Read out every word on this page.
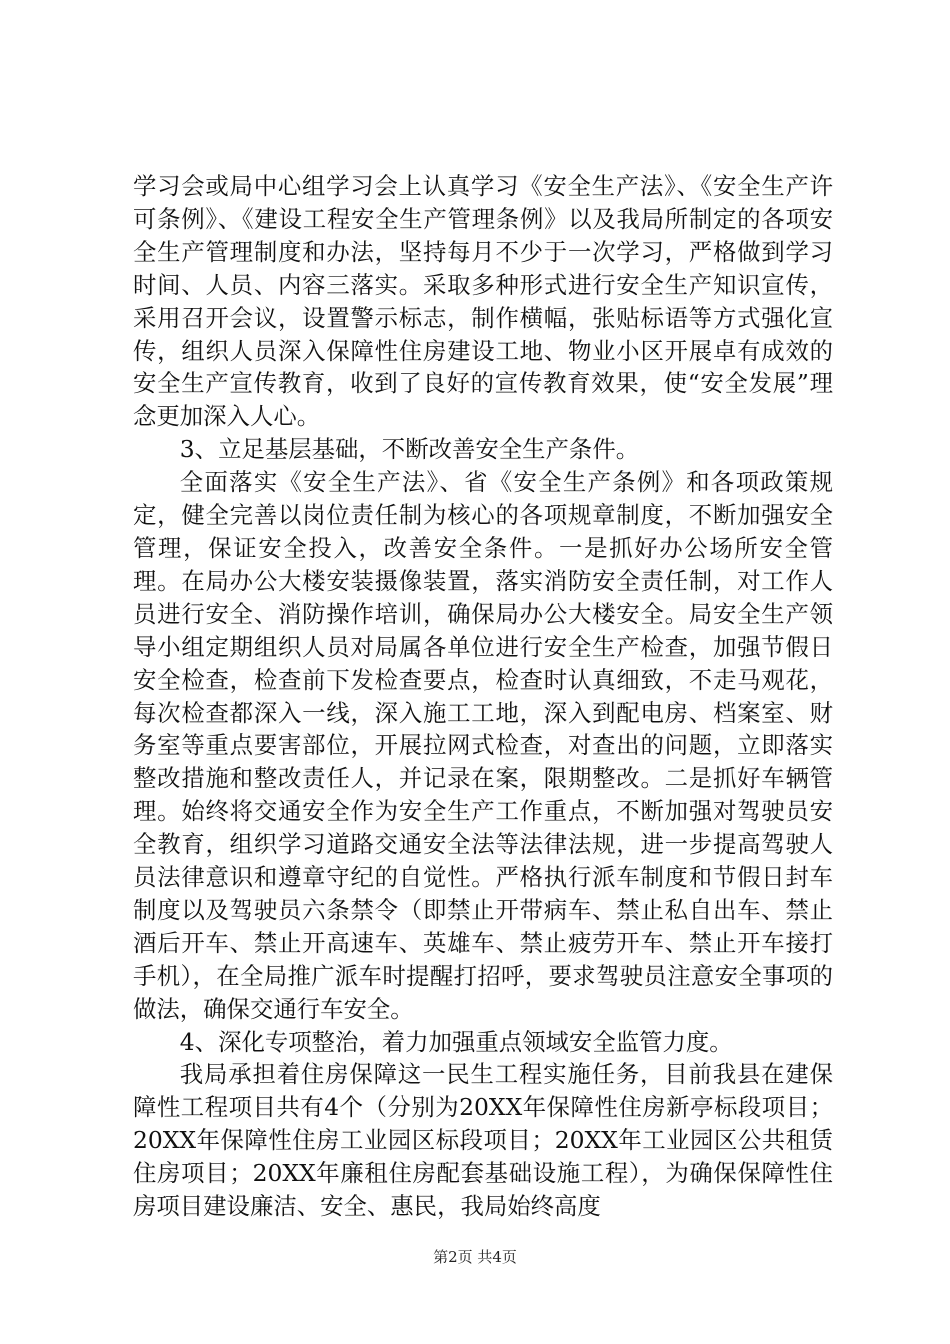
学习会或局中心组学习会上认真学习《安全生产法》、《安全生产许可条例》、《建设工程安全生产管理条例》以及我局所制定的各项安全生产管理制度和办法，坚持每月不少于一次学习，严格做到学习时间、人员、内容三落实。采取多种形式进行安全生产知识宣传，采用召开会议，设置警示标志，制作横幅，张贴标语等方式强化宣传，组织人员深入保障性住房建设工地、物业小区开展卓有成效的安全生产宣传教育，收到了良好的宣传教育效果，使“安全发展”理念更加深入人心。

3、立足基层基础，不断改善安全生产条件。

全面落实《安全生产法》、省《安全生产条例》和各项政策规定，健全完善以岗位责任制为核心的各项规章制度，不断加强安全管理，保证安全投入，改善安全条件。一是抓好办公场所安全管理。在局办公大楼安装摄像装置，落实消防安全责任制，对工作人员进行安全、消防操作培训，确保局办公大楼安全。局安全生产领导小组定期组织人员对局属各单位进行安全生产检查，加强节假日安全检查，检查前下发检查要点，检查时认真细致，不走马观花，每次检查都深入一线，深入施工工地，深入到配电房、档案室、财务室等重点要害部位，开展拉网式检查，对查出的问题，立即落实整改措施和整改责任人，并记录在案，限期整改。二是抓好车辆管理。始终将交通安全作为安全生产工作重点，不断加强对驾驶员安全教育，组织学习道路交通安全法等法律法规，进一步提高驾驶人员法律意识和遵章守纪的自觉性。严格执行派车制度和节假日封车制度以及驾驶员六条禁令（即禁止开带病车、禁止私自出车、禁止酒后开车、禁止开高速车、英雄车、禁止疲劳开车、禁止开车接打手机），在全局推广派车时提醒打招呼，要求驾驶员注意安全事项的做法，确保交通行车安全。

4、深化专项整治，着力加强重点领域安全监管力度。

我局承担着住房保障这一民生工程实施任务，目前我县在建保障性工程项目共有4个（分别为20XX年保障性住房新亭标段项目；20XX年保障性住房工业园区标段项目；20XX年工业园区公共租赁住房项目；20XX年廉租住房配套基础设施工程），为确保保障性住房项目建设廉洁、安全、惠民，我局始终高度

第2页 共4页
